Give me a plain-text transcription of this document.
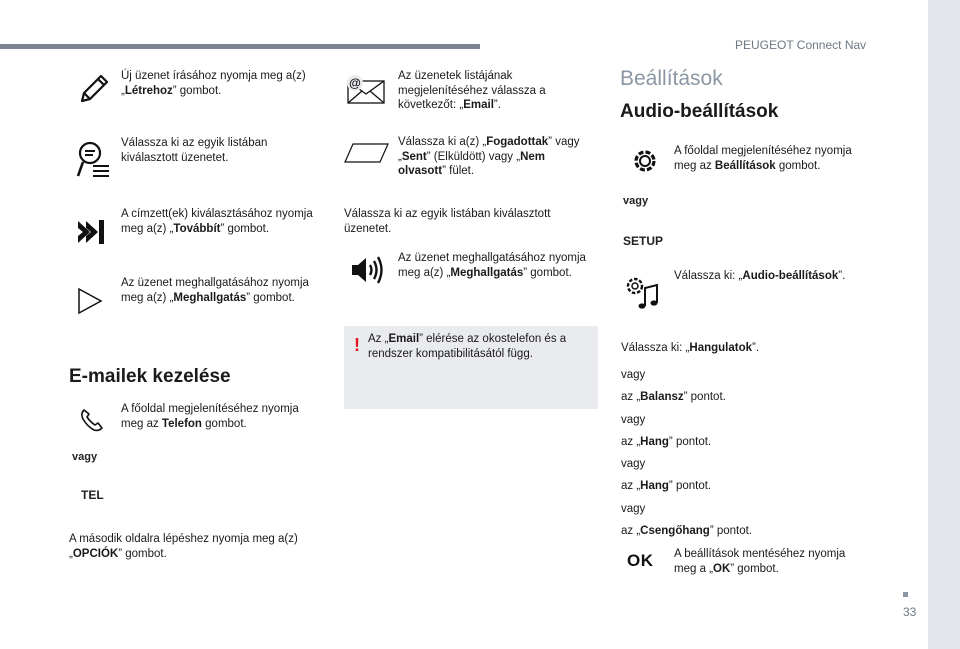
PEUGEOT Connect Nav
Új üzenet írásához nyomja meg a(z) „Létrehoz” gombot.
Válassza ki az egyik listában kiválasztott üzenetet.
A címzett(ek) kiválasztásához nyomja meg a(z) „Továbbít” gombot.
Az üzenet meghallgatásához nyomja meg a(z) „Meghallgatás” gombot.
E-mailek kezelése
A főoldal megjelenítéséhez nyomja meg az Telefon gombot.
vagy
TEL
A második oldalra lépéshez nyomja meg a(z) „OPCIÓK” gombot.
@	Az üzenetek listájának megjelenítéséhez válassza a következőt: „Email”.
Válassza ki a(z) „Fogadottak” vagy „Sent” (Elküldött) vagy „Nem olvasott” fület.
Válassza ki az egyik listában kiválasztott üzenetet.
Az üzenet meghallgatásához nyomja meg a(z) „Meghallgatás” gombot.
! Az „Email” elérése az okostelefon és a rendszer kompatibilitásától függ.
Beállítások
Audio-beállítások
A főoldal megjelenítéséhez nyomja meg az Beállítások gombot.
vagy
SETUP
Válassza ki: „Audio-beállítások”.
Válassza ki: „Hangulatok”.
vagy
az „Balansz” pontot.
vagy
az „Hang” pontot.
vagy
az „Hang” pontot.
vagy
az „Csengőhang” pontot.
OK A beállítások mentéséhez nyomja meg a „OK” gombot.
33
